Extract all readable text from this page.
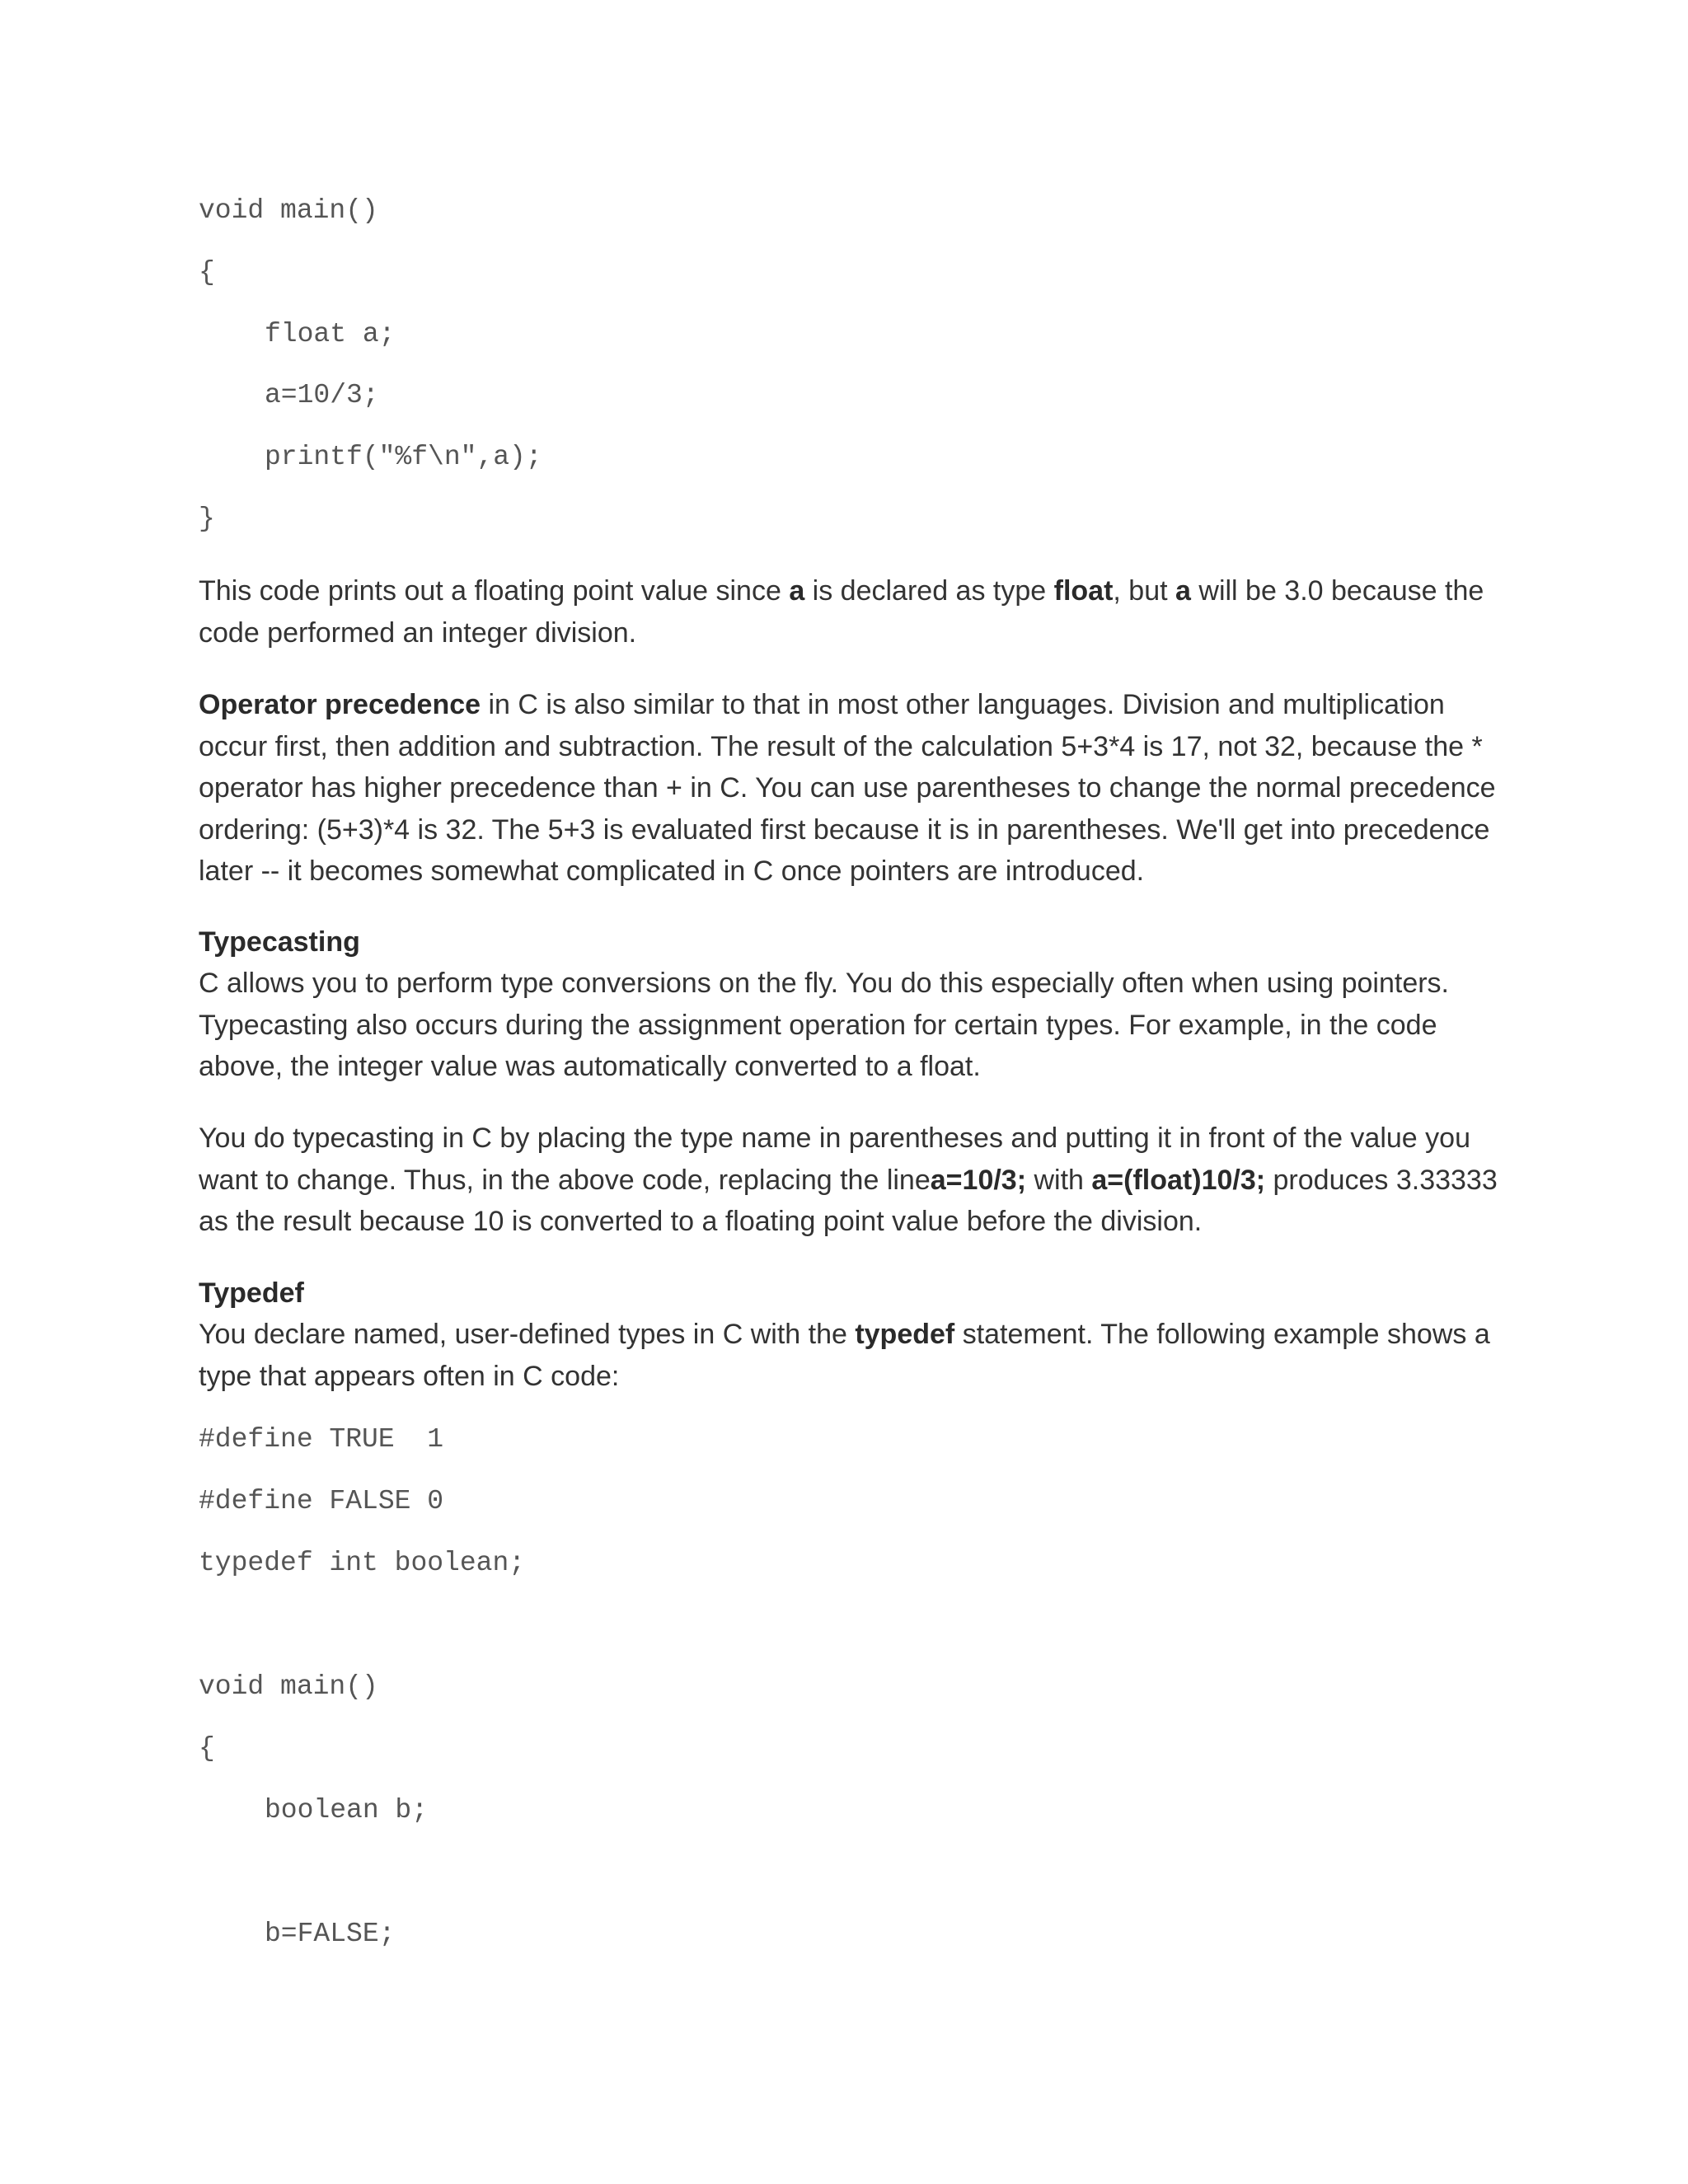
void main()
{
float a;
a=10/3;
printf("%f\n",a);
}

This code prints out a floating point value since a is declared as type float, but a will be 3.0 because the code performed an integer division.

Operator precedence in C is also similar to that in most other languages. Division and multiplication occur first, then addition and subtraction. The result of the calculation 5+3*4 is 17, not 32, because the * operator has higher precedence than + in C. You can use parentheses to change the normal precedence ordering: (5+3)*4 is 32. The 5+3 is evaluated first because it is in parentheses. We'll get into precedence later -- it becomes somewhat complicated in C once pointers are introduced.

Typecasting

C allows you to perform type conversions on the fly. You do this especially often when using pointers. Typecasting also occurs during the assignment operation for certain types. For example, in the code above, the integer value was automatically converted to a float.

You do typecasting in C by placing the type name in parentheses and putting it in front of the value you want to change. Thus, in the above code, replacing the linea=10/3; with a=(float)10/3; produces 3.33333 as the result because 10 is converted to a floating point value before the division.

Typedef

You declare named, user-defined types in C with the typedef statement. The following example shows a type that appears often in C code:

#define TRUE  1
#define FALSE 0
typedef int boolean;
void main()
{
boolean b;
b=FALSE;
